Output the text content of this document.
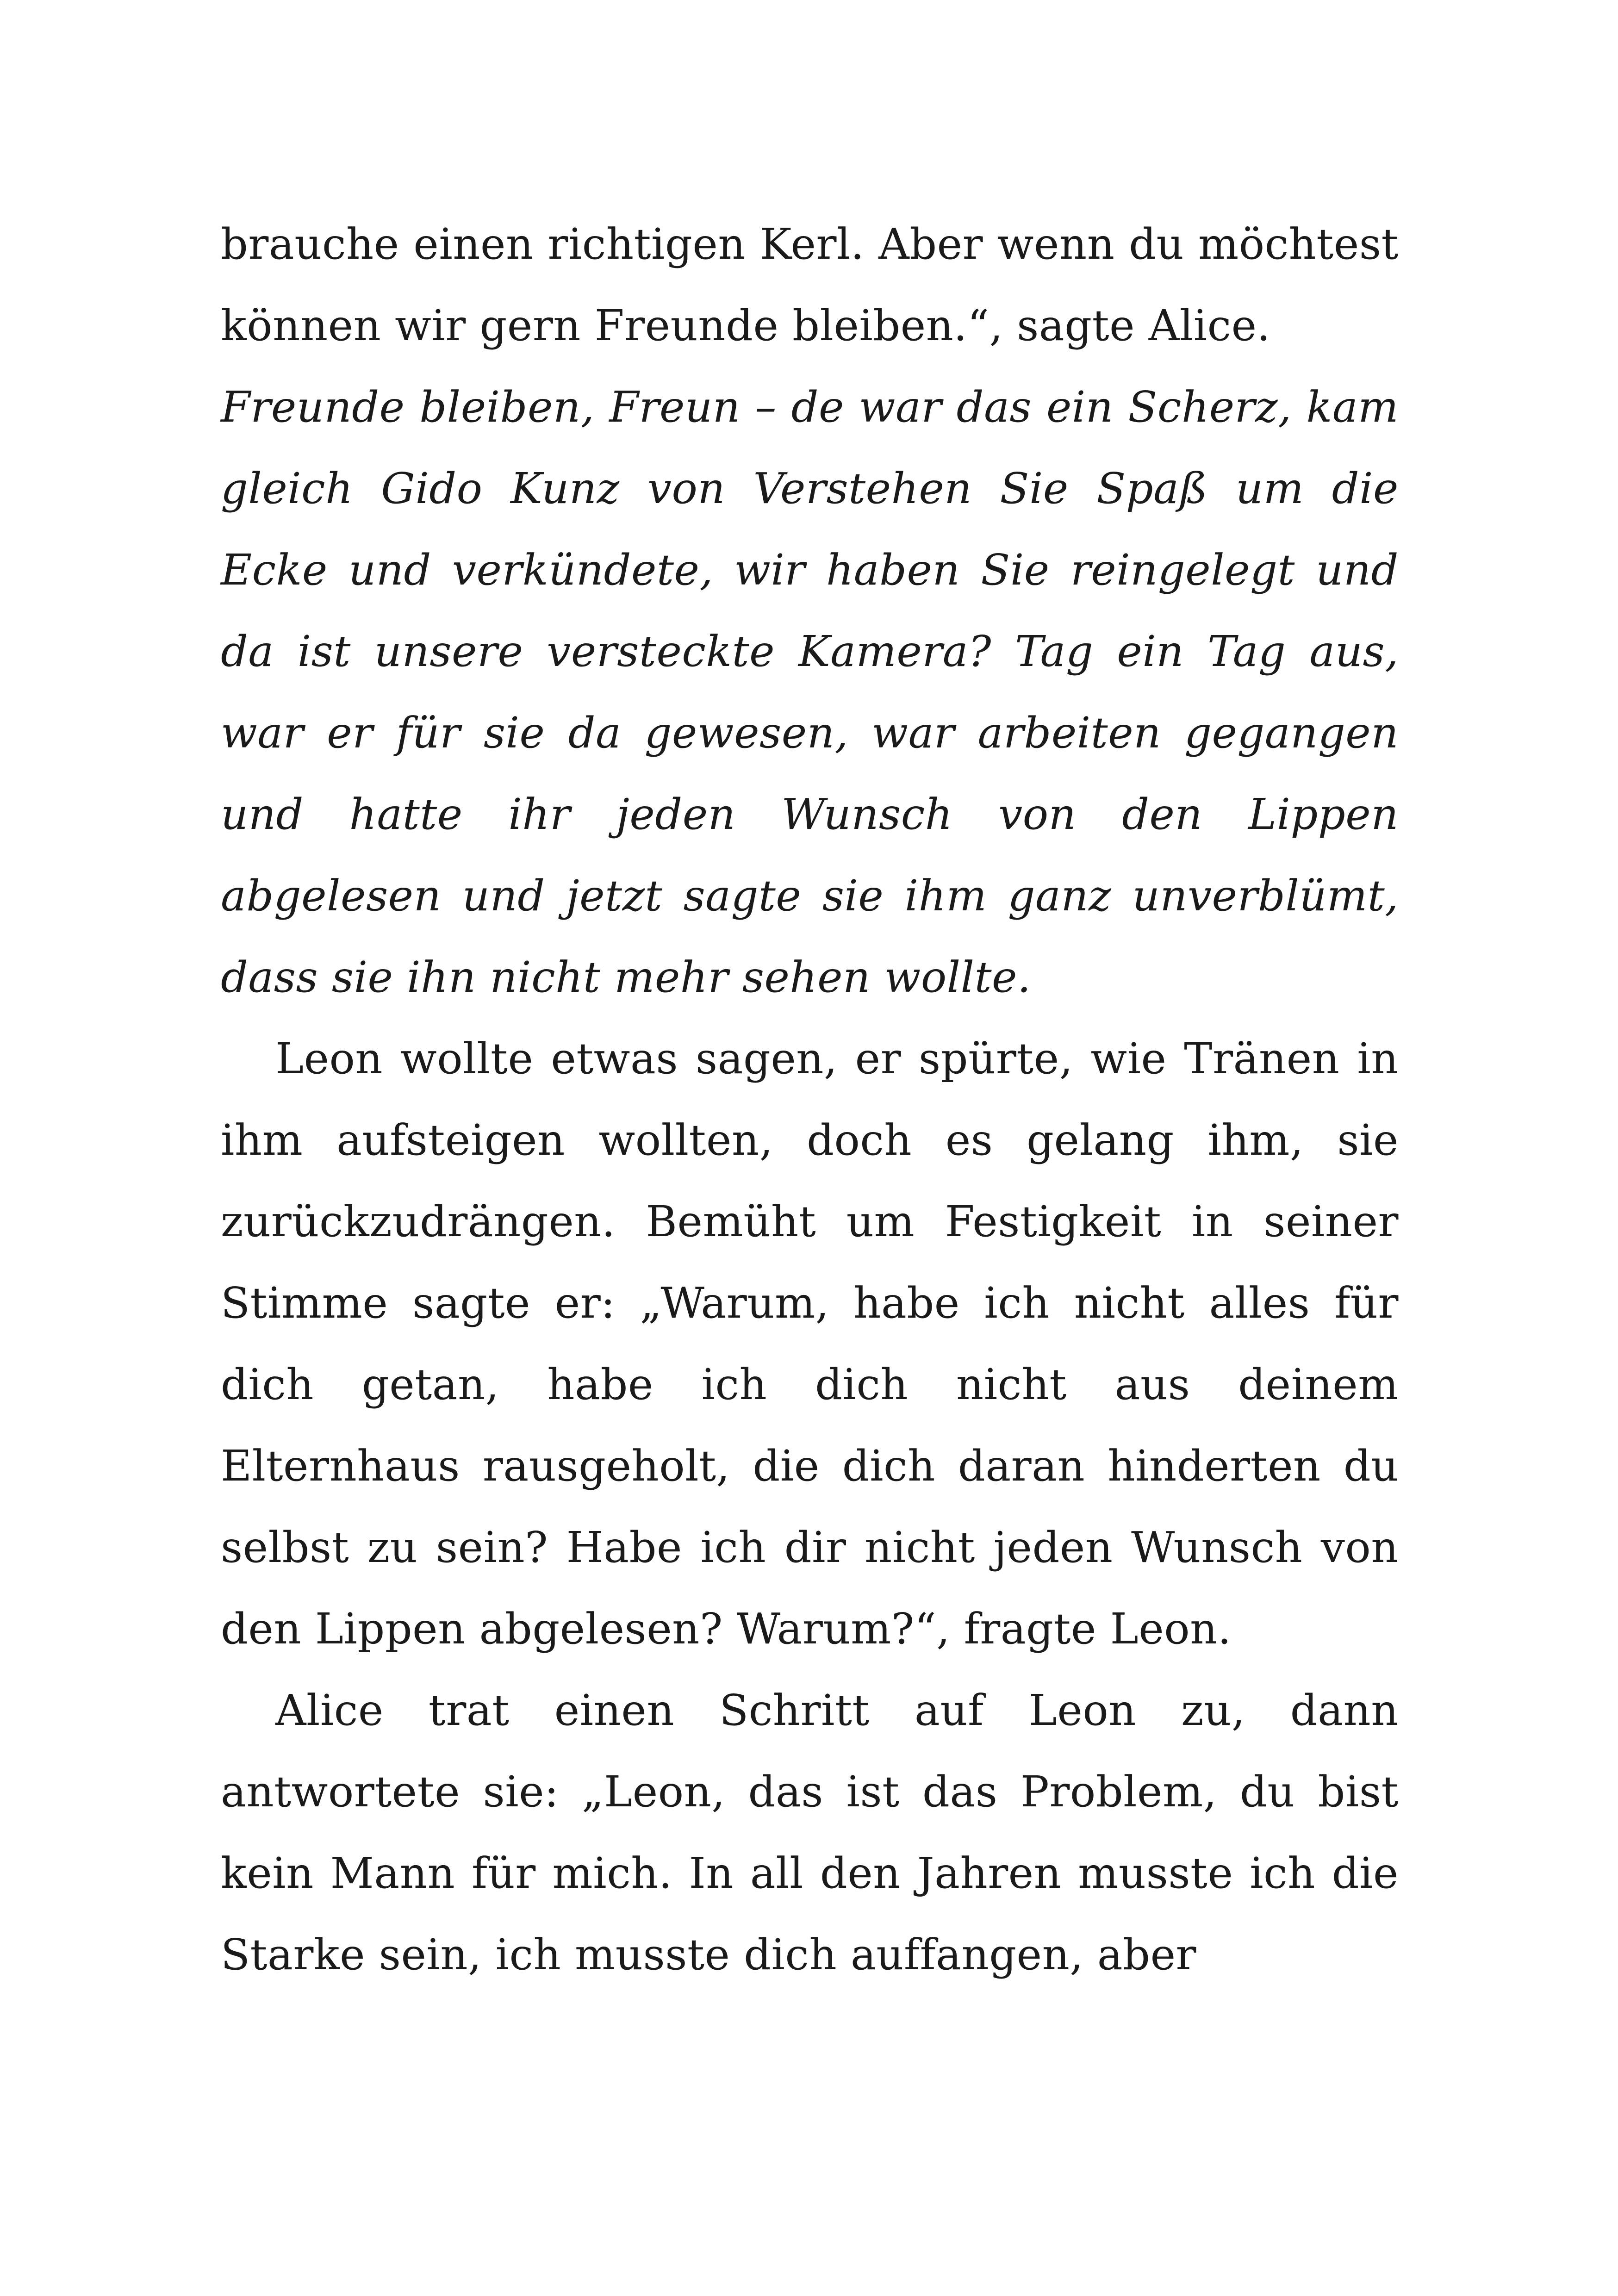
brauche einen richtigen Kerl. Aber wenn du möchtest können wir gern Freunde bleiben.“, sagte Alice.

Freunde bleiben, Freun – de war das ein Scherz, kam gleich Gido Kunz von Verstehen Sie Spaß um die Ecke und verkündete, wir haben Sie reingelegt und da ist unsere versteckte Kamera? Tag ein Tag aus, war er für sie da gewesen, war arbeiten gegangen und hatte ihr jeden Wunsch von den Lippen abgelesen und jetzt sagte sie ihm ganz unverblümt, dass sie ihn nicht mehr sehen wollte.

Leon wollte etwas sagen, er spürte, wie Tränen in ihm aufsteigen wollten, doch es gelang ihm, sie zurückzudrängen. Bemüht um Festigkeit in seiner Stimme sagte er: „Warum, habe ich nicht alles für dich getan, habe ich dich nicht aus deinem Elternhaus rausgeholt, die dich daran hinderten du selbst zu sein? Habe ich dir nicht jeden Wunsch von den Lippen abgelesen? Warum?“, fragte Leon.

Alice trat einen Schritt auf Leon zu, dann antwortete sie: „Leon, das ist das Problem, du bist kein Mann für mich. In all den Jahren musste ich die Starke sein, ich musste dich auffangen, aber
